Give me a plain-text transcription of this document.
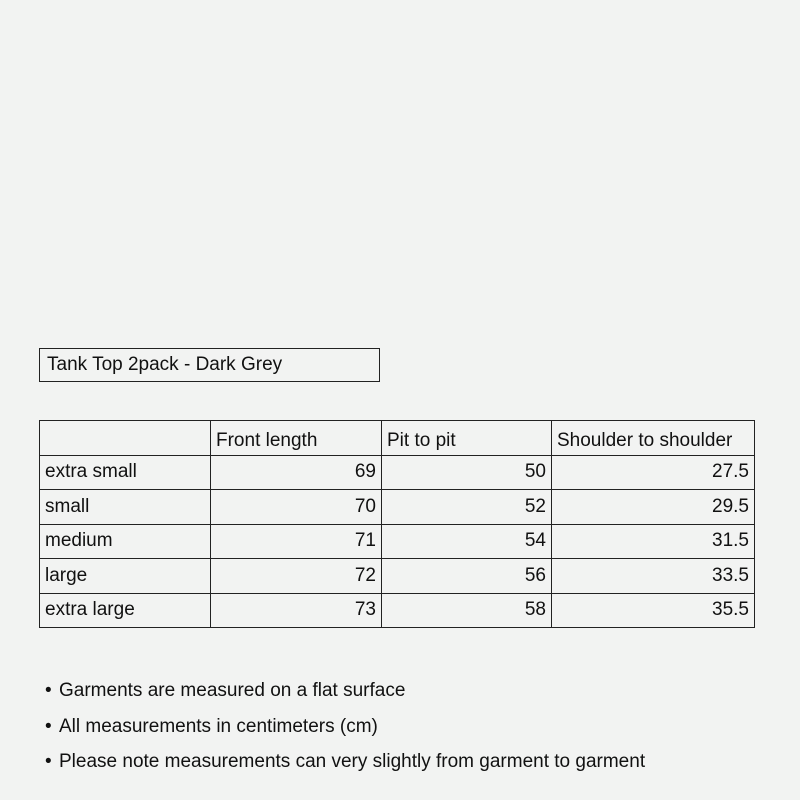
Tank Top 2pack - Dark Grey
	Front length	Pit to pit	Shoulder to shoulder
extra small	69	50	27.5
small	70	52	29.5
medium	71	54	31.5
large	72	56	33.5
extra large	73	58	35.5
• Garments are measured on a flat surface
• All measurements in centimeters (cm)
• Please note measurements can very slightly from garment to garment
